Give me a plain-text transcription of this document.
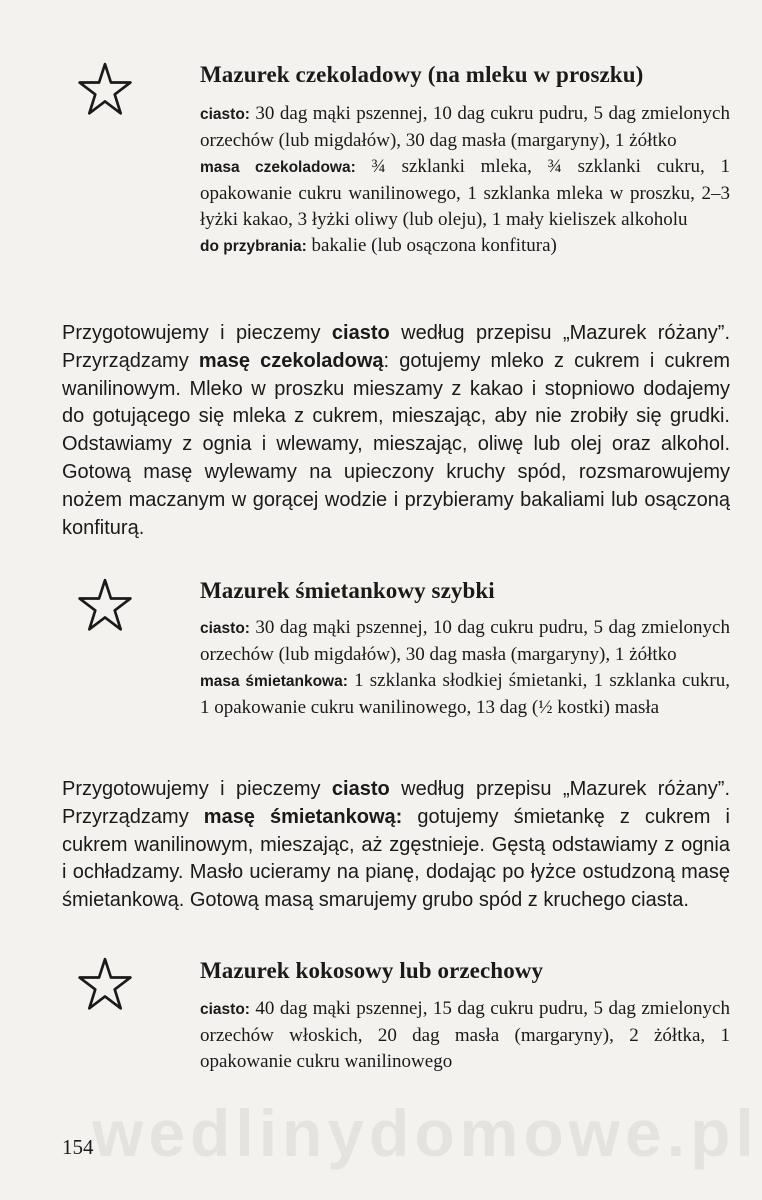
Mazurek czekoladowy (na mleku w proszku)

ciasto: 30 dag mąki pszennej, 10 dag cukru pudru, 5 dag zmielonych orzechów (lub migdałów), 30 dag masła (margaryny), 1 żółtko

masa czekoladowa: ¾ szklanki mleka, ¾ szklanki cukru, 1 opakowanie cukru wanilinowego, 1 szklanka mleka w proszku, 2–3 łyżki kakao, 3 łyżki oliwy (lub oleju), 1 mały kieliszek alkoholu

do przybrania: bakalie (lub osączona konfitura)

Przygotowujemy i pieczemy ciasto według przepisu „Mazurek różany”. Przyrządzamy masę czekoladową: gotujemy mleko z cukrem i cukrem wanilinowym. Mleko w proszku mieszamy z kakao i stopniowo dodajemy do gotującego się mleka z cukrem, mieszając, aby nie zrobiły się grudki. Odstawiamy z ognia i wlewamy, mieszając, oliwę lub olej oraz alkohol. Gotową masę wylewamy na upieczony kruchy spód, rozsmarowujemy nożem maczanym w gorącej wodzie i przybieramy bakaliami lub osączoną konfiturą.
Mazurek śmietankowy szybki

ciasto: 30 dag mąki pszennej, 10 dag cukru pudru, 5 dag zmielonych orzechów (lub migdałów), 30 dag masła (margaryny), 1 żółtko

masa śmietankowa: 1 szklanka słodkiej śmietanki, 1 szklanka cukru, 1 opakowanie cukru wanilinowego, 13 dag (½ kostki) masła

Przygotowujemy i pieczemy ciasto według przepisu „Mazurek różany”. Przyrządzamy masę śmietankową: gotujemy śmietankę z cukrem i cukrem wanilinowym, mieszając, aż zgęstnieje. Gęstą odstawiamy z ognia i ochładzamy. Masło ucieramy na pianę, dodając po łyżce ostudzoną masę śmietankową. Gotową masą smarujemy grubo spód z kruchego ciasta.
Mazurek kokosowy lub orzechowy

ciasto: 40 dag mąki pszennej, 15 dag cukru pudru, 5 dag zmielonych orzechów włoskich, 20 dag masła (margaryny), 2 żółtka, 1 opakowanie cukru wanilinowego

wedlinydomowe.pl
154
